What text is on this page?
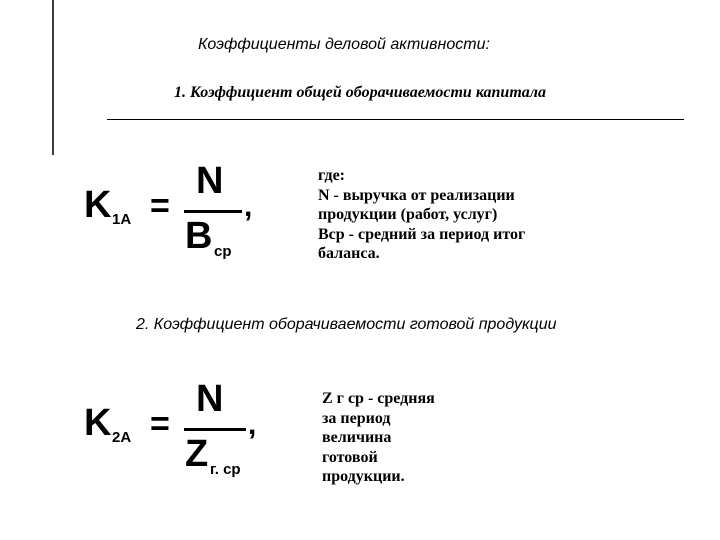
Коэффициенты деловой активности:
1. Коэффициент общей оборачиваемости капитала
K 1A =
N
B ср
,
где:
N - выручка от реализации
продукции (работ, услуг)
Вср - средний за период итог
баланса.
2. Коэффициент оборачиваемости готовой продукции
K 2A =
N
Z г. ср
,
Z г ср - средняя
за период
величина
готовой
продукции.
